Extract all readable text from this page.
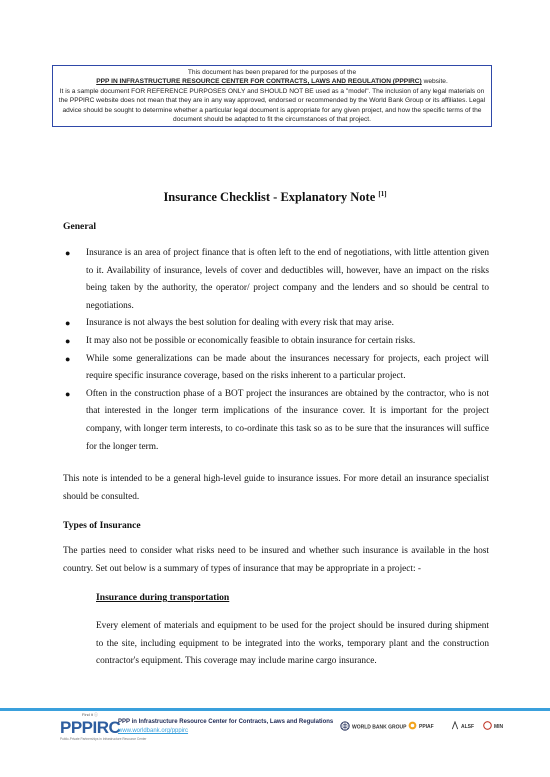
This document has been prepared for the purposes of the
PPP IN INFRASTRUCTURE RESOURCE CENTER FOR CONTRACTS, LAWS AND REGULATION (PPPIRC) website.
It is a sample document FOR REFERENCE PURPOSES ONLY and SHOULD NOT BE used as a "model". The inclusion of any legal materials on the PPPIRC website does not mean that they are in any way approved, endorsed or recommended by the World Bank Group or its affiliates. Legal advice should be sought to determine whether a particular legal document is appropriate for any given project, and how the specific terms of the document should be adapted to fit the circumstances of that project.
Insurance Checklist - Explanatory Note [1]
General
● Insurance is an area of project finance that is often left to the end of negotiations, with little attention given to it. Availability of insurance, levels of cover and deductibles will, however, have an impact on the risks being taken by the authority, the operator/ project company and the lenders and so should be central to negotiations.
● Insurance is not always the best solution for dealing with every risk that may arise.
● It may also not be possible or economically feasible to obtain insurance for certain risks.
● While some generalizations can be made about the insurances necessary for projects, each project will require specific insurance coverage, based on the risks inherent to a particular project.
● Often in the construction phase of a BOT project the insurances are obtained by the contractor, who is not that interested in the longer term implications of the insurance cover. It is important for the project company, with longer term interests, to co-ordinate this task so as to be sure that the insurances will suffice for the longer term.
This note is intended to be a general high-level guide to insurance issues. For more detail an insurance specialist should be consulted.
Types of Insurance
The parties need to consider what risks need to be insured and whether such insurance is available in the host country. Set out below is a summary of types of insurance that may be appropriate in a project: -
Insurance during transportation
Every element of materials and equipment to be used for the project should be insured during shipment to the site, including equipment to be integrated into the works, temporary plant and the construction contractor's equipment. This coverage may include marine cargo insurance.
Find it ⓘ
PPPIRC
Public-Private Partnerships in Infrastructure Resource Center
PPP in Infrastructure Resource Center for Contracts, Laws and Regulations
www.worldbank.org/pppirc
WORLD BANK GROUP	PPIAF	ALSF	MIN
